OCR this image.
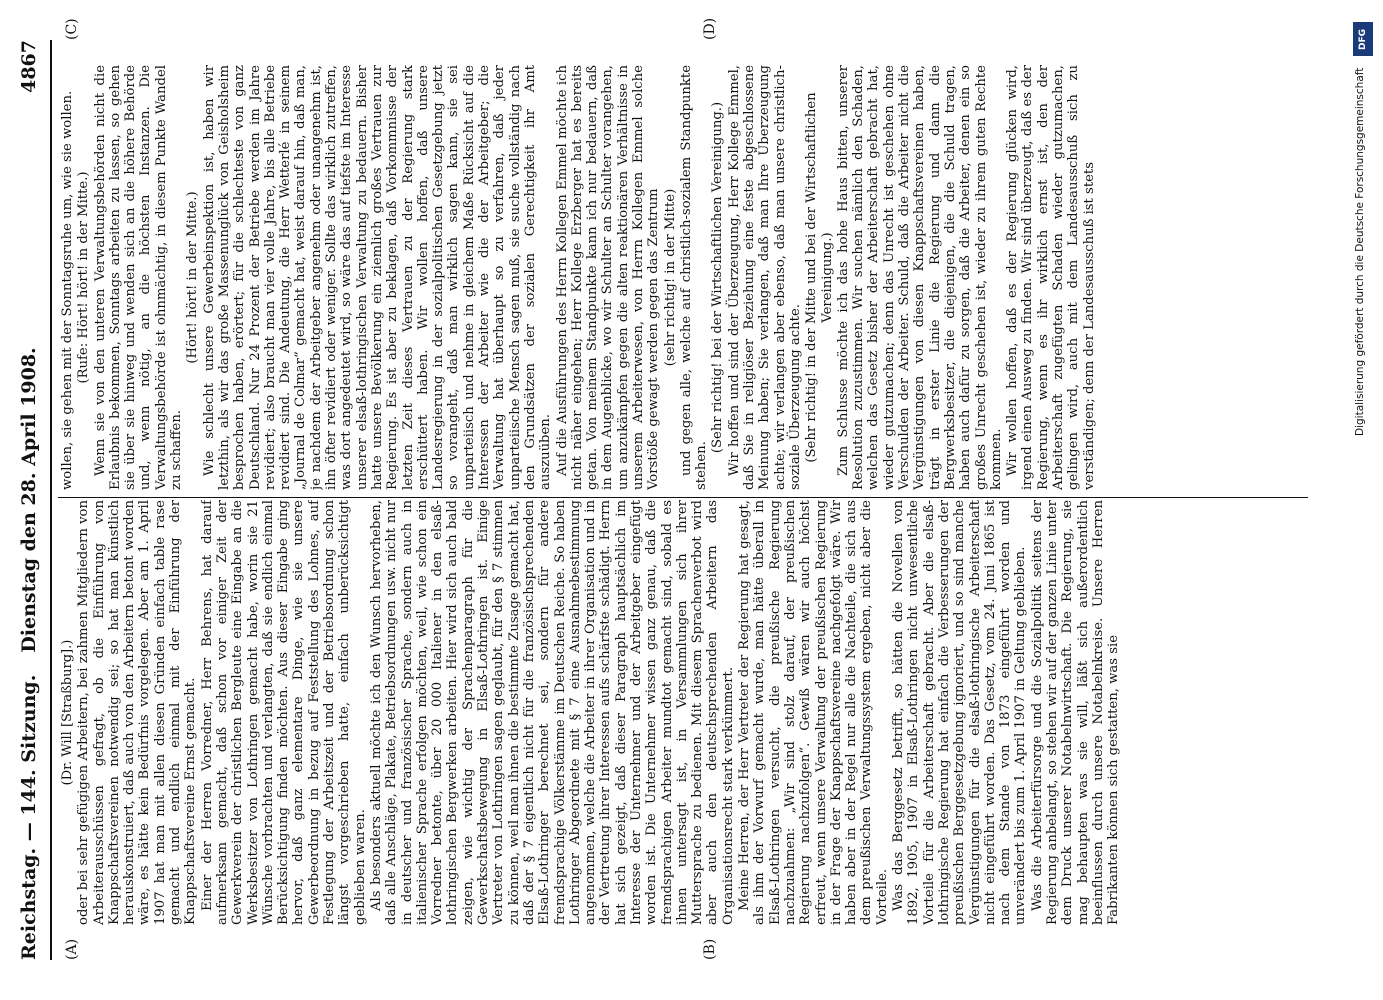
Reichstag. — 144. Sitzung.
Dienstag den 28. April 1908.
4867
(A)	(B)
(C)	(D)

(Dr. Will [Straßburg].) oder bei sehr gefügigen Arbeitern, bei zahmen Mitgliedern von Arbeiterausschüssen gefragt, ob die Einführung von Knappschaftsvereinen notwendig sei; so hat man künstlich herauskonstruiert, daß auch von den Arbeitern betont worden wäre, es hätte kein Bedürfnis vorgelegen. Aber am 1. April 1907 hat man mit allen diesen Gründen einfach table rase gemacht und endlich einmal mit der Einführung der Knappschaftsvereine Ernst gemacht. Einer der Herren Vorredner, Herr Behrens, hat darauf aufmerksam gemacht, daß schon vor einiger Zeit der Gewerkverein der christlichen Bergleute eine Eingabe an die Werksbesitzer von Lothringen gemacht habe, worin sie 21 Wünsche vorbrachten und verlangten, daß sie endlich einmal Berücksichtigung finden möchten. Aus dieser Eingabe ging hervor, daß ganz elementare Dinge, wie sie unsere Gewerbeordnung in bezug auf Feststellung des Lohnes, auf Festlegung der Arbeitszeit und der Betriebsordnung schon längst vorgeschrieben hatte, einfach unberücksichtigt geblieben waren. Als besonders aktuell möchte ich den Wunsch hervorheben, daß alle Anschläge, Plakate, Betriebsordnungen usw. nicht nur in deutscher und französischer Sprache, sondern auch in italienischer Sprache erfolgen möchten, weil, wie schon ein Vorredner betonte, über 20 000 Italiener in den elsaß-lothringischen Bergwerken arbeiten. Hier wird sich auch bald zeigen, wie wichtig der Sprachenparagraph für die Gewerkschaftsbewegung in Elsaß-Lothringen ist. Einige Vertreter von Lothringen sagen geglaubt, für den § 7 stimmen zu können, weil man ihnen die bestimmte Zusage gemacht hat, daß der § 7 eigentlich nicht für die französischsprechenden Elsaß-Lothringer berechnet sei, sondern für andere fremdsprachige Völkerstämme im Deutschen Reiche. So haben Lothringer Abgeordnete mit § 7 eine Ausnahmebestimmung angenommen, welche die Arbeiter in ihrer Organisation und in der Vertretung ihrer Interessen aufs schärfste schädigt. Herrn hat sich gezeigt, daß dieser Paragraph hauptsächlich im Interesse der Unternehmer und der Arbeitgeber eingefügt worden ist. Die Unternehmer wissen ganz genau, daß die fremdsprachigen Arbeiter mundtot gemacht sind, sobald es ihnen untersagt ist, in Versammlungen sich ihrer Muttersprache zu bedienen. Mit diesem Sprachenverbot wird aber auch den deutschsprechenden Arbeitern das Organisationsrecht stark verkümmert. Meine Herren, der Herr Vertreter der Regierung hat gesagt, als ihm der Vorwurf gemacht wurde, man hätte überall in Elsaß-Lothringen versucht, die preußische Regierung nachzuahmen: „Wir sind stolz darauf, der preußischen Regierung nachzufolgen“. Gewiß wären wir auch höchst erfreut, wenn unsere Verwaltung der preußischen Regierung in der Frage der Knappschaftsvereine nachgefolgt wäre. Wir haben aber in der Regel nur alle die Nachteile, die sich aus dem preußischen Verwaltungssystem ergeben, nicht aber die Vorteile. Was das Berggesetz betrifft, so hätten die Novellen von 1892, 1905, 1907 in Elsaß-Lothringen nicht unwesentliche Vorteile für die Arbeiterschaft gebracht. Aber die elsaß-lothringische Regierung hat einfach die Verbesserungen der preußischen Berggesetzgebung ignoriert, und so sind manche Vergünstigungen für die elsaß-lothringische Arbeiterschaft nicht eingeführt worden. Das Gesetz, vom 24. Juni 1865 ist nach dem Stande von 1873 eingeführt worden und unverändert bis zum 1. April 1907 in Geltung geblieben. Was die Arbeiterfürsorge und die Sozialpolitik seitens der Regierung anbelangt, so stehen wir auf der ganzen Linie unter dem Druck unserer Notabelnwirtschaft. Die Regierung, sie mag behaupten was sie will, läßt sich außerordentlich beeinflussen durch unsere Notabelnkreise. Unsere Herren Fabrikanten können sich gestatten, was sie

wollen, sie gehen mit der Sonntagsruhe um, wie sie wollen. (Rufe: Hört! hört! in der Mitte.) Wenn sie von den unteren Verwaltungsbehörden nicht die Erlaubnis bekommen, Sonntags arbeiten zu lassen, so gehen sie über sie hinweg und wenden sich an die höhere Behörde und, wenn nötig, an die höchsten Instanzen. Die Verwaltungsbehörde ist ohnmächtig, in diesem Punkte Wandel zu schaffen.

(Hört! hört! in der Mitte.) Wie schlecht unsere Gewerbeinspektion ist, haben wir letzthin, als wir das große Massenunglück von Geisholsheim besprochen haben, erörtert; für die schlechteste von ganz Deutschland. Nur 24 Prozent der Betriebe werden im Jahre revidiert; also braucht man vier volle Jahre, bis alle Betriebe revidiert sind. Die Andeutung, die Herr Wetterlé in seinem „Journal de Colmar“ gemacht hat, weist darauf hin, daß man, je nachdem der Arbeitgeber angenehm oder unangenehm ist, ihn öfter revidiert oder weniger. Sollte das wirklich zutreffen, was dort angedeutet wird, so wäre das auf tiefste im Interesse unserer elsaß-lothringischen Verwaltung zu bedauern. Bisher hatte unsere Bevölkerung ein ziemlich großes Vertrauen zur Regierung. Es ist aber zu beklagen, daß Vorkommnisse der letzten Zeit dieses Vertrauen zu der Regierung stark erschüttert haben. Wir wollen hoffen, daß unsere Landesregierung in der sozialpolitischen Gesetzgebung jetzt so vorangeht, daß man wirklich sagen kann, sie sei unparteiisch und nehme in gleichem Maße Rücksicht auf die Interessen der Arbeiter wie die der Arbeitgeber; die Verwaltung hat überhaupt so zu verfahren, daß jeder unparteiische Mensch sagen muß, sie suche vollständig nach den Grundsätzen der sozialen Gerechtigkeit ihr Amt auszuüben. Auf die Ausführungen des Herrn Kollegen Emmel möchte ich nicht näher eingehen; Herr Kollege Erzberger hat es bereits getan. Von meinem Standpunkte kann ich nur bedauern, daß in dem Augenblicke, wo wir Schulter an Schulter vorangehen, um anzukämpfen gegen die alten reaktionären Verhältnisse in unserem Arbeiterwesen, von Herrn Kollegen Emmel solche Vorstöße gewagt werden gegen das Zentrum (sehr richtig! in der Mitte) und gegen alle, welche auf christlich-sozialem Standpunkte stehen.

(Sehr richtig! bei der Wirtschaftlichen Vereinigung.) Wir hoffen und sind der Überzeugung, Herr Kollege Emmel, daß Sie in religiöser Beziehung eine feste abgeschlossene Meinung haben; Sie verlangen, daß man Ihre Überzeugung achte; wir verlangen aber ebenso, daß man unsere christlich-soziale Überzeugung achte. (Sehr richtig! in der Mitte und bei der Wirtschaftlichen Vereinigung.) Zum Schlusse möchte ich das hohe Haus bitten, unserer Resolution zuzustimmen. Wir suchen nämlich den Schaden, welchen das Gesetz bisher der Arbeiterschaft gebracht hat, wieder gutzumachen; denn das Unrecht ist geschehen ohne Verschulden der Arbeiter. Schuld, daß die Arbeiter nicht die Vergünstigungen von diesen Knappschaftsvereinen haben, trägt in erster Linie die Regierung und dann die Bergwerksbesitzer, die diejenigen, die die Schuld tragen, haben auch dafür zu sorgen, daß die Arbeiter, denen ein so großes Unrecht geschehen ist, wieder zu ihrem guten Rechte kommen. Wir wollen hoffen, daß es der Regierung glücken wird, irgend einen Ausweg zu finden. Wir sind überzeugt, daß es der Regierung, wenn es ihr wirklich ernst ist, den der Arbeiterschaft zugefügten Schaden wieder gutzumachen, gelingen wird, auch mit dem Landesausschuß sich zu verständigen; denn der Landesausschuß ist stets

DFG
Digitalisierung gefördert durch die Deutsche Forschungsgemeinschaft
